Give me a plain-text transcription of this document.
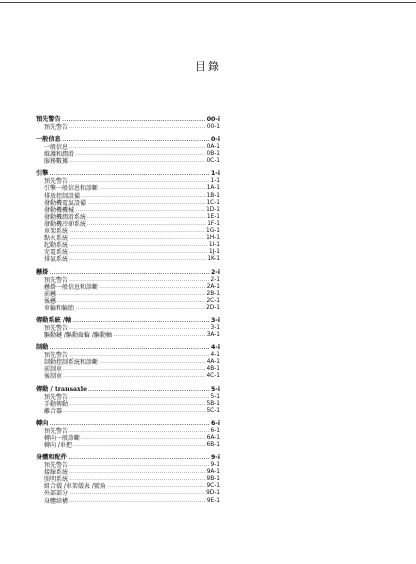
目錄
預先警告 .....	00-i
預先警告 .....	00-1
一般信息 .....	0-i
一般信息 .....	0A-1
維護和潤滑 .....	0B-1
服務數據 .....	0C-1
引擎 .....	1-i
預先警告 .....	1-1
引擎一般信息和診斷 .....	1A-1
排放控制設備 .....	1B-1
發動機電氣設備 .....	1C-1
發動機機械 .....	1D-1
發動機潤滑系統 .....	1E-1
發動機冷卻系統 .....	1F-1
車架系統 .....	1G-1
點火系統 .....	1H-1
起動系統 .....	1I-1
充電系統 .....	1J-1
排氣系統 .....	1K-1
懸掛 .....	2-i
預先警告 .....	2-1
懸掛一般信息和診斷 .....	2A-1
前懸 .....	2B-1
後懸 .....	2C-1
車輪和輪胎 .....	2D-1
傳動系統 /軸 .....	3-i
預先警告 .....	3-1
驅動鏈 /驅動齒輪 /驅動軸 .....	3A-1
制動 .....	4-i
預先警告 .....	4-1
制動控制系統和診斷 .....	4A-1
前制車 .....	4B-1
後制車 .....	4C-1
傳動 / transaxle .....	5-i
預先警告 .....	5-1
手動傳動 .....	5B-1
離合器 .....	5C-1
轉向 .....	6-i
預先警告 .....	6-1
轉向一般診斷 .....	6A-1
轉向 /車把 .....	6B-1
身體和配件 .....	9-i
預先警告 .....	9-1
接線系統 .....	9A-1
照明系統 .....	9B-1
組合儀 /車架儀表 /號角 .....	9C-1
外部部分 .....	9D-1
身體結構 .....	9E-1
